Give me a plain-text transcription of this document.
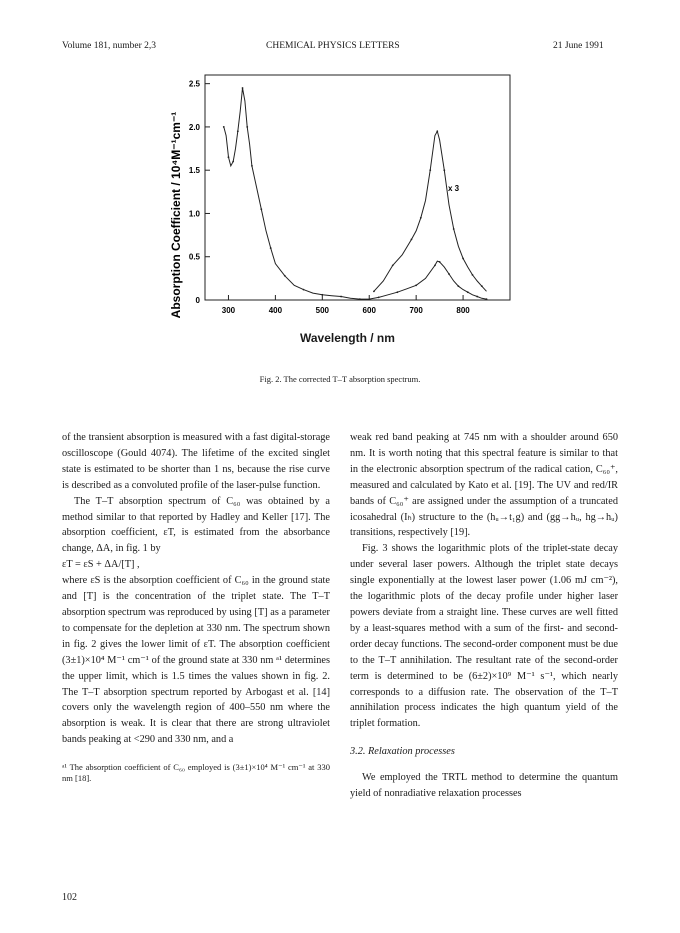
Volume 181, number 2,3	CHEMICAL PHYSICS LETTERS	21 June 1991
300	400	500	600	700	800
0
0.5
1.0
1.5
2.0
2.5
Absorption Coefficient / 10⁴M⁻¹cm⁻¹	x 3
Wavelength / nm
Fig. 2. The corrected T–T absorption spectrum.

of the transient absorption is measured with a fast digital-storage oscilloscope (Gould 4074). The lifetime of the excited singlet state is estimated to be shorter than 1 ns, because the rise curve is described as a convoluted profile of the laser-pulse function.

The T–T absorption spectrum of C₆₀ was obtained by a method similar to that reported by Hadley and Keller [17]. The absorption coefficient, εT, is estimated from the absorbance change, ΔA, in fig. 1 by

εT = εS + ΔA/[T] ,

where εS is the absorption coefficient of C₆₀ in the ground state and [T] is the concentration of the triplet state. The T–T absorption spectrum was reproduced by using [T] as a parameter to compensate for the depletion at 330 nm. The spectrum shown in fig. 2 gives the lower limit of εT. The absorption coefficient (3±1)×10⁴ M⁻¹ cm⁻¹ of the ground state at 330 nm ᵃ¹ determines the upper limit, which is 1.5 times the values shown in fig. 2. The T–T absorption spectrum reported by Arbogast et al. [14] covers only the wavelength region of 400–550 nm where the absorption is weak. It is clear that there are strong ultraviolet bands peaking at <290 and 330 nm, and a

ᵃ¹ The absorption coefficient of C₆₀ employed is (3±1)×10⁴ M⁻¹ cm⁻¹ at 330 nm [18].

weak red band peaking at 745 nm with a shoulder around 650 nm. It is worth noting that this spectral feature is similar to that in the electronic absorption spectrum of the radical cation, C₆₀⁺, measured and calculated by Kato et al. [19]. The UV and red/IR bands of C₆₀⁺ are assigned under the assumption of a truncated icosahedral (Iₕ) structure to the (hᵤ→t₁g) and (gg→hᵤ, hg→hᵤ) transitions, respectively [19].

Fig. 3 shows the logarithmic plots of the triplet-state decay under several laser powers. Although the triplet state decays single exponentially at the lowest laser power (1.06 mJ cm⁻²), the logarithmic plots of the decay profile under higher laser powers deviate from a straight line. These curves are well fitted by a least-squares method with a sum of the first- and second-order decay functions. The second-order component must be due to the T–T annihilation. The resultant rate of the second-order term is determined to be (6±2)×10⁹ M⁻¹ s⁻¹, which nearly corresponds to a diffusion rate. The observation of the T–T annihilation process indicates the high quantum yield of the triplet formation.

3.2. Relaxation processes

We employed the TRTL method to determine the quantum yield of nonradiative relaxation processes

102
